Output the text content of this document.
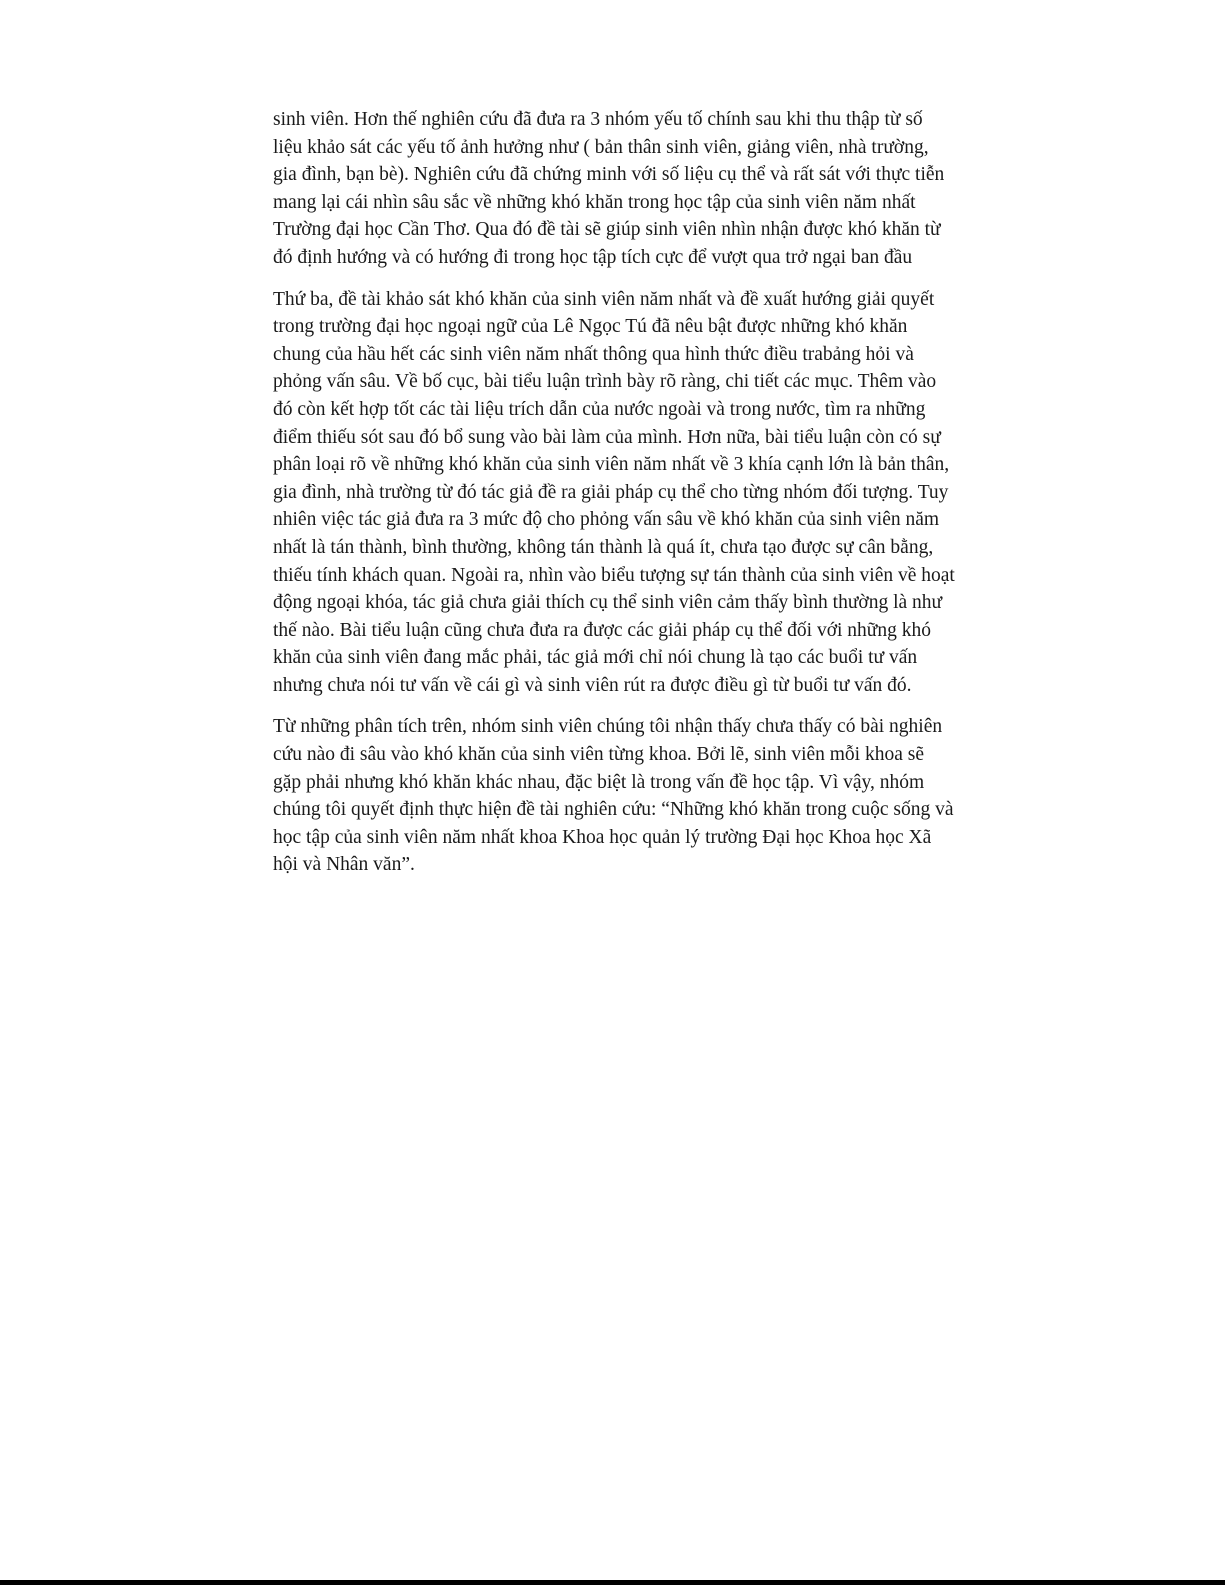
sinh viên. Hơn thế nghiên cứu đã đưa ra 3 nhóm yếu tố chính sau khi thu thập từ số liệu khảo sát các yếu tố ảnh hưởng như ( bản thân sinh viên, giảng viên, nhà trường, gia đình, bạn bè). Nghiên cứu đã chứng minh với số liệu cụ thể và rất sát với thực tiễn mang lại cái nhìn sâu sắc về những khó khăn trong học tập của sinh viên năm nhất Trường đại học Cần Thơ. Qua đó đề tài sẽ giúp sinh viên nhìn nhận được khó khăn từ đó định hướng và có hướng đi trong học tập tích cực để vượt qua trở ngại ban đầu

Thứ ba, đề tài khảo sát khó khăn của sinh viên năm nhất và đề xuất hướng giải quyết trong trường đại học ngoại ngữ của Lê Ngọc Tú đã nêu bật được những khó khăn chung của hầu hết các sinh viên năm nhất thông qua hình thức điều trabảng hỏi và phỏng vấn sâu. Về bố cục, bài tiểu luận trình bày rõ ràng, chi tiết các mục. Thêm vào đó còn kết hợp tốt các tài liệu trích dẫn của nước ngoài và trong nước, tìm ra những điểm thiếu sót sau đó bổ sung vào bài làm của mình. Hơn nữa, bài tiểu luận còn có sự phân loại rõ về những khó khăn của sinh viên năm nhất về 3 khía cạnh lớn là bản thân, gia đình, nhà trường từ đó tác giả đề ra giải pháp cụ thể cho từng nhóm đối tượng. Tuy nhiên việc tác giả đưa ra 3 mức độ cho phỏng vấn sâu về khó khăn của sinh viên năm nhất là tán thành, bình thường, không tán thành là quá ít, chưa tạo được sự cân bằng, thiếu tính khách quan. Ngoài ra, nhìn vào biểu tượng sự tán thành của sinh viên về hoạt động ngoại khóa, tác giả chưa giải thích cụ thể sinh viên cảm thấy bình thường là như thế nào. Bài tiểu luận cũng chưa đưa ra được các giải pháp cụ thể đối với những khó khăn của sinh viên đang mắc phải, tác giả mới chỉ nói chung là tạo các buổi tư vấn nhưng chưa nói tư vấn về cái gì và sinh viên rút ra được điều gì từ buổi tư vấn đó.

Từ những phân tích trên, nhóm sinh viên chúng tôi nhận thấy chưa thấy có bài nghiên cứu nào đi sâu vào khó khăn của sinh viên từng khoa. Bởi lẽ, sinh viên mỗi khoa sẽ gặp phải nhưng khó khăn khác nhau, đặc biệt là trong vấn đề học tập. Vì vậy, nhóm chúng tôi quyết định thực hiện đề tài nghiên cứu: “Những khó khăn trong cuộc sống và học tập của sinh viên năm nhất khoa Khoa học quản lý trường Đại học Khoa học Xã hội và Nhân văn”.
